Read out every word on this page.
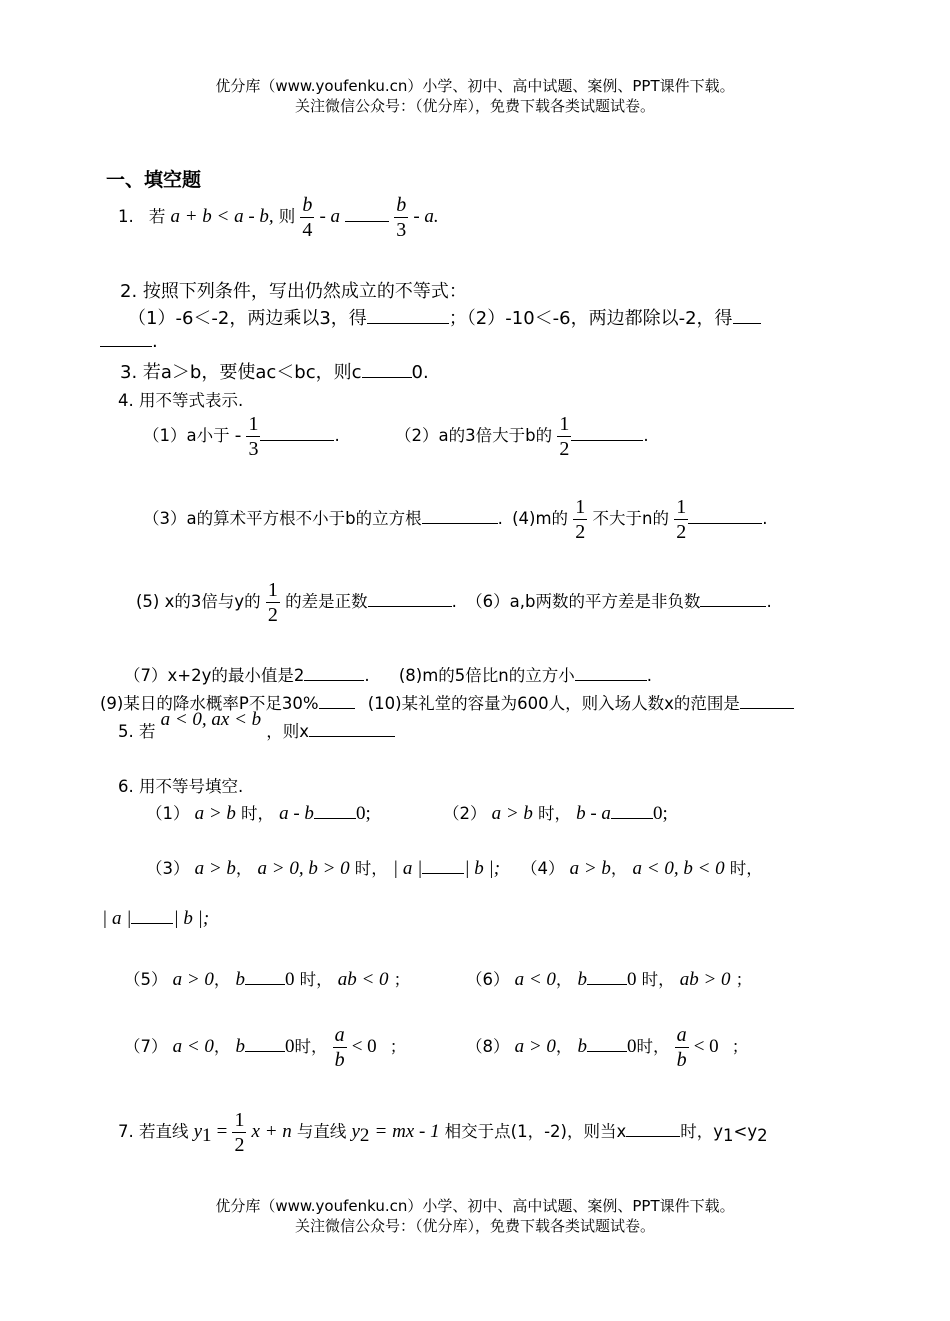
优分库（www.youfenku.cn）小学、初中、高中试题、案例、PPT课件下载。
关注微信公众号：（优分库），免费下载各类试题试卷。
一、填空题
1. 若 a + b < a - b, 则 $\frac{b}{4}$ - a	$\frac{b}{3}$ - a.
2. 按照下列条件，写出仍然成立的不等式：
（1）-6＜-2，两边乘以3，得	；（2）-10＜-6，两边都除以-2，得
.
3. 若a＞b，要使ac＜bc，则c	0.
4. 用不等式表示.
（1）a小于 - $\frac{1}{3}$	.	（2）a的3倍大于b的 $\frac{1}{2}$	.
（3）a的算术平方根不小于b的立方根	. (4)m的 $\frac{1}{2}$ 不大于n的 $\frac{1}{2}$	.
(5) x的3倍与y的 $\frac{1}{2}$ 的差是正数	. （6）a,b两数的平方差是非负数	.
（7）x+2y的最小值是2	. (8)m的5倍比n的立方小	.
(9)某日的降水概率P不足30%	(10)某礼堂的容量为600人，则入场人数x的范围是
5. 若 a < 0, ax < b ，则x
6. 用不等号填空.
（1） a > b 时， a - b 0;	（2） a > b 时， b - a 0;
（3） a > b， a > 0, b > 0 时， | a | | b |; （4） a > b， a < 0, b < 0 时，
| a | | b |;
（5） a > 0， b 0 时， ab < 0 ；	（6） a < 0， b 0 时， ab > 0 ；
（7） a < 0， b 0时， $\frac{a}{b} < 0$ ；	（8） a > 0， b 0时， $\frac{a}{b} < 0$ ；
7. 若直线 $y_1 = \frac{1}{2}$ x + n 与直线 $y_2$ = mx - 1 相交于点(1，-2)，则当x	时，$y_1<y_2$
优分库（www.youfenku.cn）小学、初中、高中试题、案例、PPT课件下载。
关注微信公众号：（优分库），免费下载各类试题试卷。
